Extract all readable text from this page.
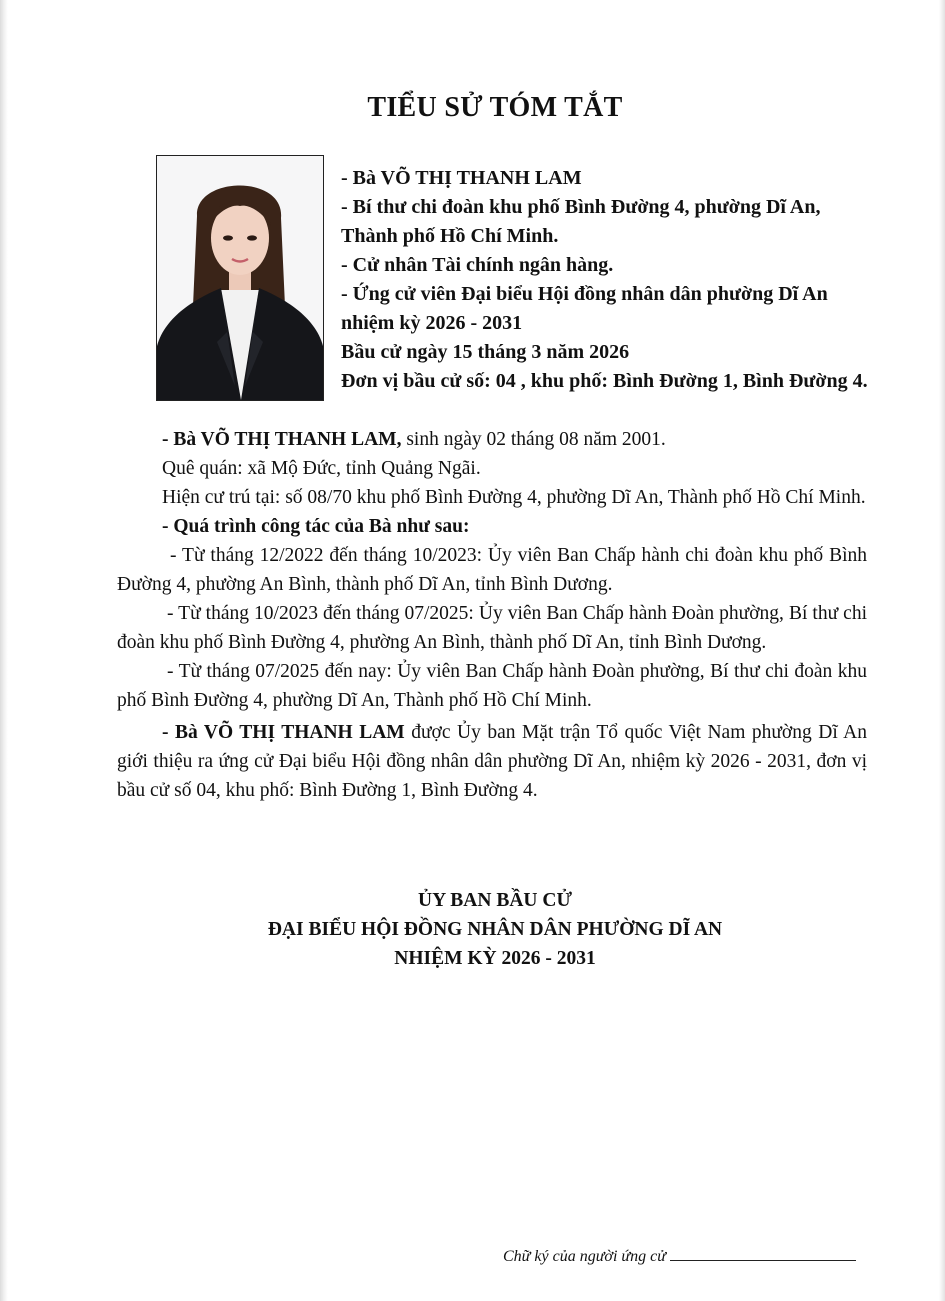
TIỂU SỬ TÓM TẮT
- Bà VÕ THỊ THANH LAM
- Bí thư chi đoàn khu phố Bình Đường 4, phường Dĩ An,
Thành phố Hồ Chí Minh.
- Cử nhân Tài chính ngân hàng.
- Ứng cử viên Đại biểu Hội đồng nhân dân phường Dĩ An
nhiệm kỳ 2026 - 2031
Bầu cử ngày 15 tháng 3 năm 2026
Đơn vị bầu cử số: 04 , khu phố: Bình Đường 1, Bình Đường 4.

- Bà VÕ THỊ THANH LAM, sinh ngày 02 tháng 08 năm 2001.

Quê quán: xã Mộ Đức, tỉnh Quảng Ngãi.

Hiện cư trú tại: số 08/70 khu phố Bình Đường 4, phường Dĩ An, Thành phố Hồ Chí Minh.

- Quá trình công tác của Bà như sau:

- Từ tháng 12/2022 đến tháng 10/2023: Ủy viên Ban Chấp hành chi đoàn khu phố Bình Đường 4, phường An Bình, thành phố Dĩ An, tỉnh Bình Dương.

- Từ tháng 10/2023 đến tháng 07/2025: Ủy viên Ban Chấp hành Đoàn phường, Bí thư chi đoàn khu phố Bình Đường 4, phường An Bình, thành phố Dĩ An, tỉnh Bình Dương.

- Từ tháng 07/2025 đến nay: Ủy viên Ban Chấp hành Đoàn phường, Bí thư chi đoàn khu phố Bình Đường 4, phường Dĩ An, Thành phố Hồ Chí Minh.

- Bà VÕ THỊ THANH LAM được Ủy ban Mặt trận Tổ quốc Việt Nam phường Dĩ An giới thiệu ra ứng cử Đại biểu Hội đồng nhân dân phường Dĩ An, nhiệm kỳ 2026 - 2031, đơn vị bầu cử số 04, khu phố: Bình Đường 1, Bình Đường 4.

ỦY BAN BẦU CỬ
ĐẠI BIỂU HỘI ĐỒNG NHÂN DÂN PHƯỜNG DĨ AN
NHIỆM KỲ 2026 - 2031
Chữ ký của người ứng cử
